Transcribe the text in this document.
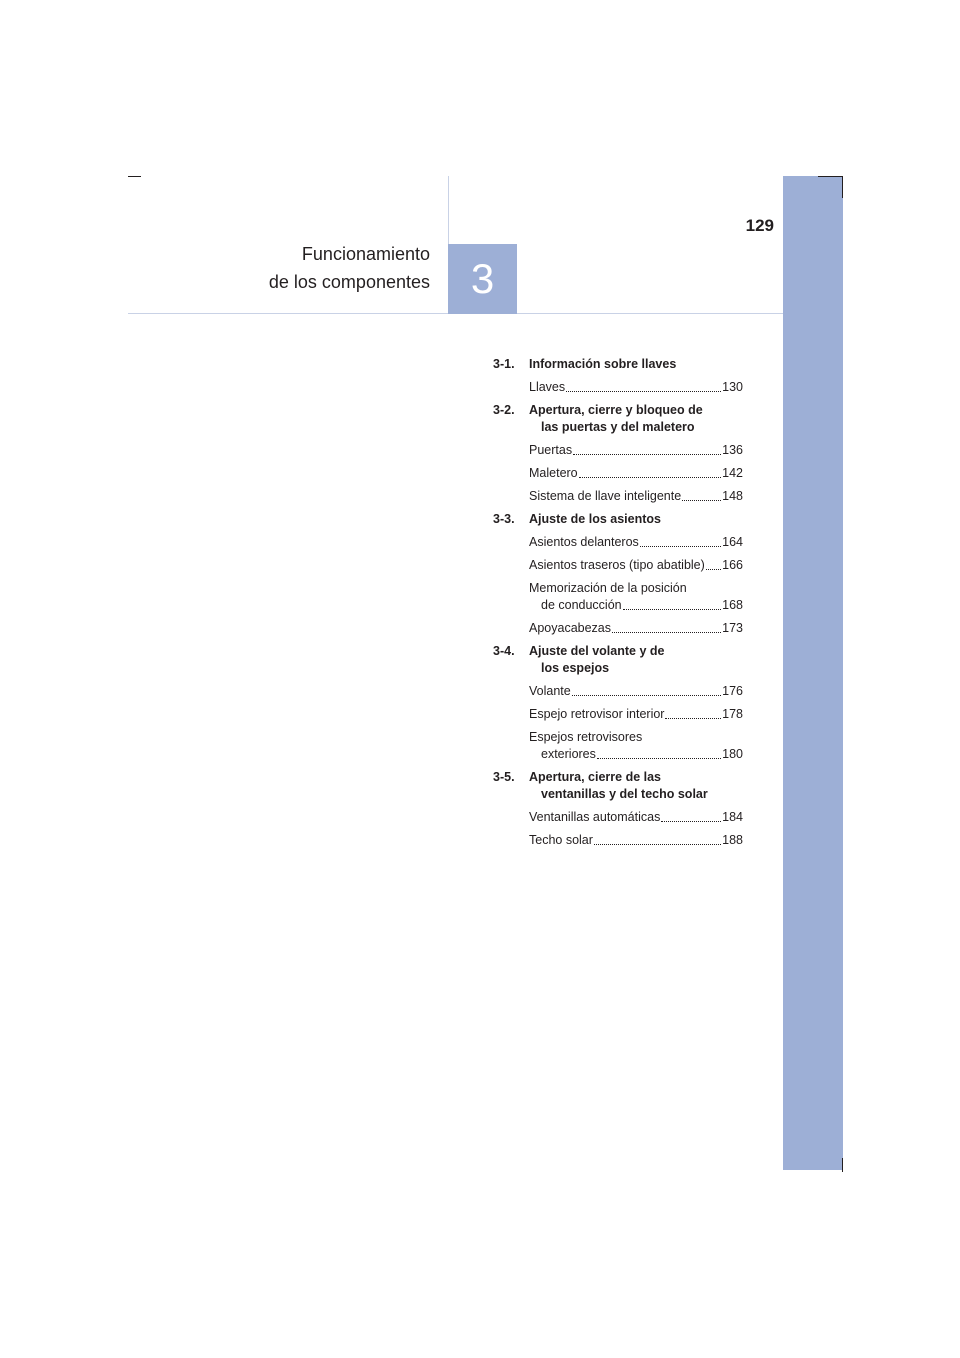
Funcionamiento
de los componentes 3
129
3-1.	Información sobre llaves
Llaves	130
3-2.	Apertura, cierre y bloqueo de
las puertas y del maletero
Puertas	136
Maletero	142
Sistema de llave inteligente	148
3-3.	Ajuste de los asientos
Asientos delanteros	164
Asientos traseros (tipo abatible) 166
Memorización de la posición
de conducción	168
Apoyacabezas	173
3-4.	Ajuste del volante y de
los espejos
Volante	176
Espejo retrovisor interior	178
Espejos retrovisores
exteriores	180
3-5.	Apertura, cierre de las
ventanillas y del techo solar
Ventanillas automáticas	184
Techo solar	188
